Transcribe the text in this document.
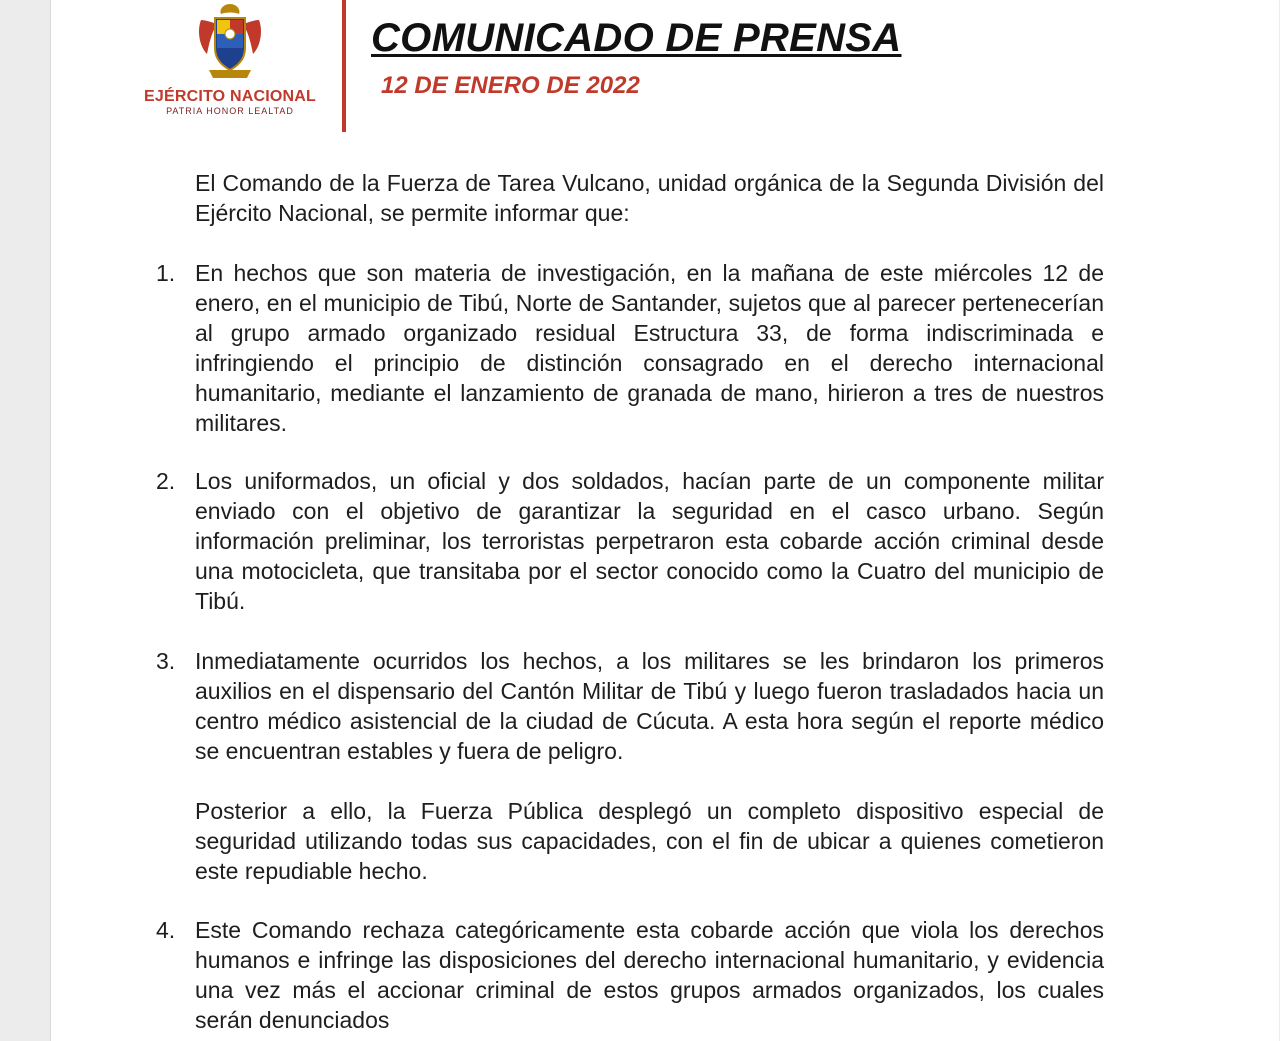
EJÉRCITO NACIONAL
PATRIA HONOR LEALTAD
COMUNICADO DE PRENSA
12 DE ENERO DE 2022
El Comando de la Fuerza de Tarea Vulcano, unidad orgánica de la Segunda División del Ejército Nacional, se permite informar que:
1. En hechos que son materia de investigación, en la mañana de este miércoles 12 de enero, en el municipio de Tibú, Norte de Santander, sujetos que al parecer pertenecerían al grupo armado organizado residual Estructura 33, de forma indiscriminada e infringiendo el principio de distinción consagrado en el derecho internacional humanitario, mediante el lanzamiento de granada de mano, hirieron a tres de nuestros militares.
2. Los uniformados, un oficial y dos soldados, hacían parte de un componente militar enviado con el objetivo de garantizar la seguridad en el casco urbano. Según información preliminar, los terroristas perpetraron esta cobarde acción criminal desde una motocicleta, que transitaba por el sector conocido como la Cuatro del municipio de Tibú.
3. Inmediatamente ocurridos los hechos, a los militares se les brindaron los primeros auxilios en el dispensario del Cantón Militar de Tibú y luego fueron trasladados hacia un centro médico asistencial de la ciudad de Cúcuta. A esta hora según el reporte médico se encuentran estables y fuera de peligro.
Posterior a ello, la Fuerza Pública desplegó un completo dispositivo especial de seguridad utilizando todas sus capacidades, con el fin de ubicar a quienes cometieron este repudiable hecho.
4. Este Comando rechaza categóricamente esta cobarde acción que viola los derechos humanos e infringe las disposiciones del derecho internacional humanitario, y evidencia una vez más el accionar criminal de estos grupos armados organizados, los cuales serán denunciados
